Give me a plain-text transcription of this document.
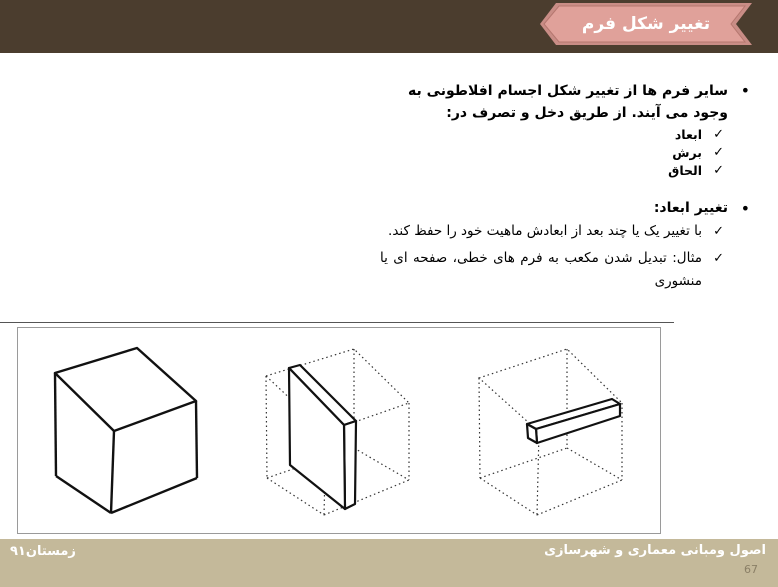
تغییر شکل فرم
•
سایر فرم ها از تغییر شکل اجسام افلاطونی به وجود می آیند. از طریق دخل و تصرف در:
✓
ابعاد
✓
برش
✓
الحاق
•
تغییر ابعاد:
✓
با تغییر یک یا چند بعد از ابعادش ماهیت خود را حفظ کند.
✓
مثال: تبدیل شدن مکعب به فرم های خطی، صفحه ای یا منشوری
اصول ومبانی معماری و شهرسازی
زمستان۹۱
67
